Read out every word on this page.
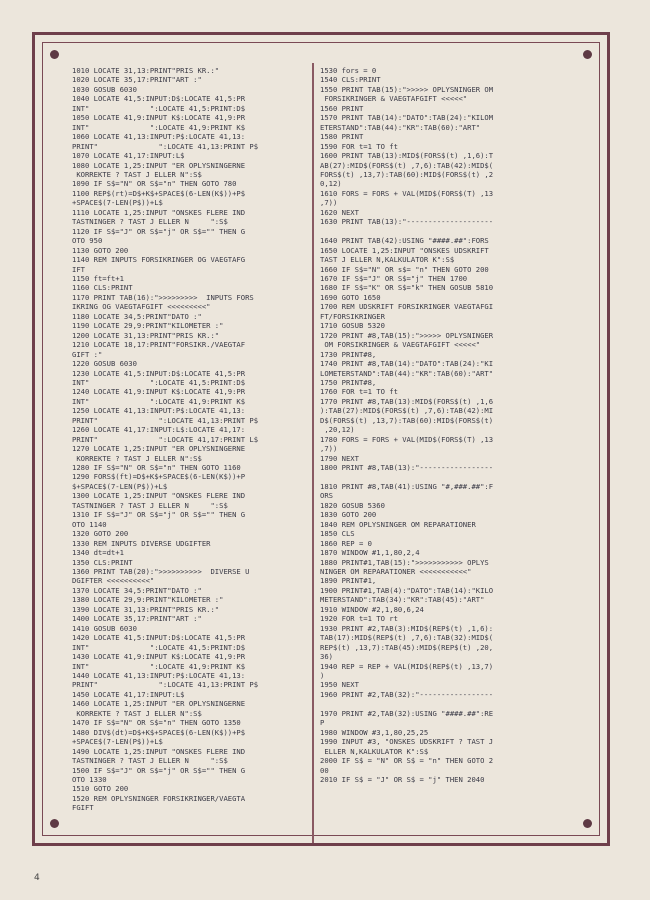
1010 LOCATE 31,13:PRINT"PRIS KR.:"
1020 LOCATE 35,17:PRINT"ART :"
1030 GOSUB 6030
1040 LOCATE 41,5:INPUT:D$:LOCATE 41,5:PR
INT"              ":LOCATE 41,5:PRINT:D$
1050 LOCATE 41,9:INPUT K$:LOCATE 41,9:PR
INT"              ":LOCATE 41,9:PRINT K$
1060 LOCATE 41,13:INPUT:P$:LOCATE 41,13:
PRINT"              ":LOCATE 41,13:PRINT P$
1070 LOCATE 41,17:INPUT:L$
1080 LOCATE 1,25:INPUT "ER OPLYSNINGERNE
KORREKTE ? TAST J ELLER N":S$
1090 IF S$="N" OR S$="n" THEN GOTO 780
1100 REP$(rt)=D$+K$+SPACE$(6-LEN(K$))+P$
+SPACE$(7-LEN(P$))+L$
1110 LOCATE 1,25:INPUT "ONSKES FLERE IND
TASTNINGER ? TAST J ELLER N     ":S$
1120 IF S$="J" OR S$="j" OR S$="" THEN G
OTO 950
1130 GOTO 200
1140 REM INPUTS FORSIKRINGER OG VAEGTAFG
IFT
1150 ft=ft+1
1160 CLS:PRINT
1170 PRINT TAB(16):">>>>>>>>>  INPUTS FORS
IKRING OG VAEGTAFGIFT <<<<<<<<<"
1180 LOCATE 34,5:PRINT"DATO :"
1190 LOCATE 29,9:PRINT"KILOMETER :"
1200 LOCATE 31,13:PRINT"PRIS KR.:"
1210 LOCATE 18,17:PRINT"FORSIKR./VAEGTAF
GIFT :"
1220 GOSUB 6030
1230 LOCATE 41,5:INPUT:D$:LOCATE 41,5:PR
INT"              ":LOCATE 41,5:PRINT:D$
1240 LOCATE 41,9:INPUT K$:LOCATE 41,9:PR
INT"              ":LOCATE 41,9:PRINT K$
1250 LOCATE 41,13:INPUT:P$:LOCATE 41,13:
PRINT"              ":LOCATE 41,13:PRINT P$
1260 LOCATE 41,17:INPUT:L$:LOCATE 41,17:
PRINT"              ":LOCATE 41,17:PRINT L$
1270 LOCATE 1,25:INPUT "ER OPLYSNINGERNE
KORREKTE ? TAST J ELLER N":S$
1280 IF S$="N" OR S$="n" THEN GOTO 1160
1290 FORS$(ft)=D$+K$+SPACE$(6-LEN(K$))+P
$+SPACE$(7-LEN(P$))+L$
1300 LOCATE 1,25:INPUT "ONSKES FLERE IND
TASTNINGER ? TAST J ELLER N     ":S$
1310 IF S$="J" OR S$="j" OR S$="" THEN G
OTO 1140
1320 GOTO 200
1330 REM INPUTS DIVERSE UDGIFTER
1340 dt=dt+1
1350 CLS:PRINT
1360 PRINT TAB(20):">>>>>>>>>>  DIVERSE U
DGIFTER <<<<<<<<<<"
1370 LOCATE 34,5:PRINT"DATO :"
1380 LOCATE 29,9:PRINT"KILOMETER :"
1390 LOCATE 31,13:PRINT"PRIS KR.:"
1400 LOCATE 35,17:PRINT"ART :"
1410 GOSUB 6030
1420 LOCATE 41,5:INPUT:D$:LOCATE 41,5:PR
INT"              ":LOCATE 41,5:PRINT:D$
1430 LOCATE 41,9:INPUT K$:LOCATE 41,9:PR
INT"              ":LOCATE 41,9:PRINT K$
1440 LOCATE 41,13:INPUT:P$:LOCATE 41,13:
PRINT"              ":LOCATE 41,13:PRINT P$
1450 LOCATE 41,17:INPUT:L$
1460 LOCATE 1,25:INPUT "ER OPLYSNINGERNE
KORREKTE ? TAST J ELLER N":S$
1470 IF S$="N" OR S$="n" THEN GOTO 1350
1480 DIV$(dt)=D$+K$+SPACE$(6-LEN(K$))+P$
+SPACE$(7-LEN(P$))+L$
1490 LOCATE 1,25:INPUT "ONSKES FLERE IND
TASTNINGER ? TAST J ELLER N     ":S$
1500 IF S$="J" OR S$="j" OR S$="" THEN G
OTO 1330
1510 GOTO 200
1520 REM OPLYSNINGER FORSIKRINGER/VAEGTA
FGIFT
1530 fors = 0
1540 CLS:PRINT
1550 PRINT TAB(15):">>>>> OPLYSNINGER OM
FORSIKRINGER & VAEGTAFGIFT <<<<<"
1560 PRINT
1570 PRINT TAB(14):"DATO":TAB(24):"KILOM
ETERSTAND":TAB(44):"KR":TAB(60):"ART"
1580 PRINT
1590 FOR t=1 TO ft
1600 PRINT TAB(13):MID$(FORS$(t) ,1,6):T
AB(27):MID$(FORS$(t) ,7,6):TAB(42):MID$(
FORS$(t) ,13,7):TAB(60):MID$(FORS$(t) ,2
0,12)
1610 FORS = FORS + VAL(MID$(FORS$(T) ,13
,7))
1620 NEXT
1630 PRINT TAB(13):"--------------------

1640 PRINT TAB(42):USING "####.##":FORS
1650 LOCATE 1,25:INPUT "ONSKES UDSKRIFT
TAST J ELLER N,KALKULATOR K":S$
1660 IF S$="N" OR s$= "n" THEN GOTO 200
1670 IF S$="J" OR S$="j" THEN 1700
1680 IF S$="K" OR S$="k" THEN GOSUB 5810
1690 GOTO 1650
1700 REM UDSKRIFT FORSIKRINGER VAEGTAFGI
FT/FORSIKRINGER
1710 GOSUB 5320
1720 PRINT #8,TAB(15):">>>>> OPLYSNINGER
OM FORSIKRINGER & VAEGTAFGIFT <<<<<"
1730 PRINT#8,
1740 PRINT #8,TAB(14):"DATO":TAB(24):"KI
LOMETERSTAND":TAB(44):"KR":TAB(60):"ART"
1750 PRINT#8,
1760 FOR t=1 TO ft
1770 PRINT #8,TAB(13):MID$(FORS$(t) ,1,6
):TAB(27):MID$(FORS$(t) ,7,6):TAB(42):MI
D$(FORS$(t) ,13,7):TAB(60):MID$(FORS$(t)
,20,12)
1780 FORS = FORS + VAL(MID$(FORS$(T) ,13
,7))
1790 NEXT
1800 PRINT #8,TAB(13):"-----------------

1810 PRINT #8,TAB(41):USING "#,###.##":F
ORS
1820 GOSUB 5360
1830 GOTO 200
1840 REM OPLYSNINGER OM REPARATIONER
1850 CLS
1860 REP = 0
1870 WINDOW #1,1,80,2,4
1880 PRINT#1,TAB(15):">>>>>>>>>>> OPLYS
NINGER OM REPARATIONER <<<<<<<<<<<"
1890 PRINT#1,
1900 PRINT#1,TAB(4):"DATO":TAB(14):"KILO
METERSTAND":TAB(34):"KR":TAB(45):"ART"
1910 WINDOW #2,1,80,6,24
1920 FOR t=1 TO rt
1930 PRINT #2,TAB(3):MID$(REP$(t) ,1,6):
TAB(17):MID$(REP$(t) ,7,6):TAB(32):MID$(
REP$(t) ,13,7):TAB(45):MID$(REP$(t) ,20,
36)
1940 REP = REP + VAL(MID$(REP$(t) ,13,7)
)
1950 NEXT
1960 PRINT #2,TAB(32):"-----------------

1970 PRINT #2,TAB(32):USING "####.##":RE
P
1980 WINDOW #3,1,80,25,25
1990 INPUT #3, "ONSKES UDSKRIFT ? TAST J
ELLER N,KALKULATOR K":S$
2000 IF S$ = "N" OR S$ = "n" THEN GOTO 2
00
2010 IF S$ = "J" OR S$ = "j" THEN 2040
4
